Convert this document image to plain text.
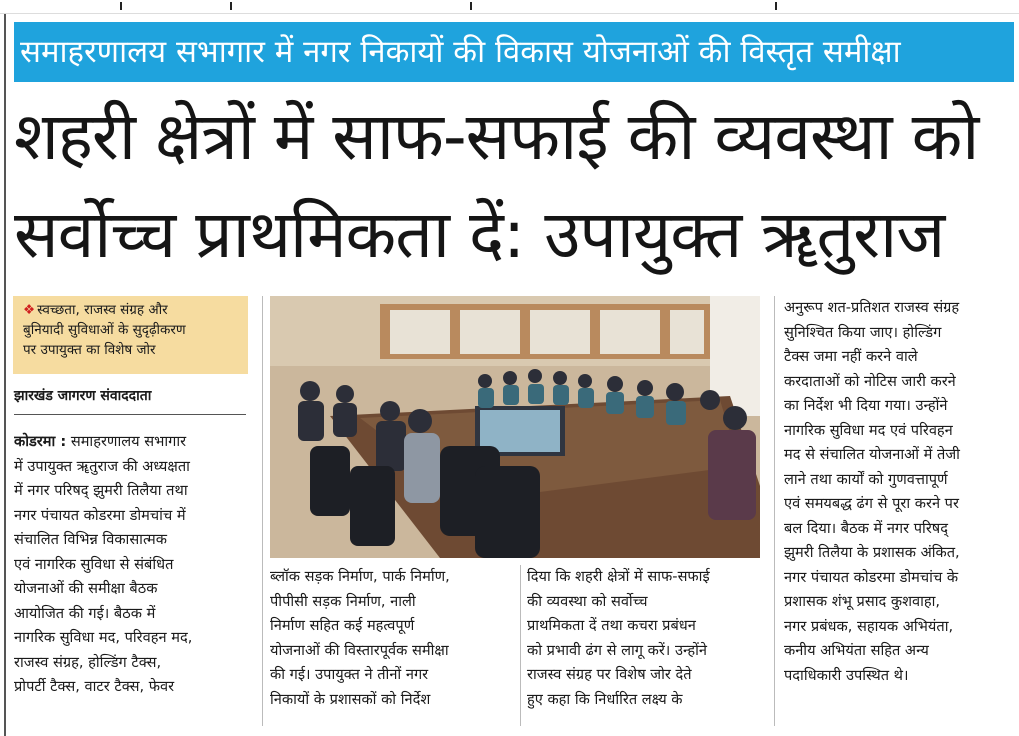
समाहरणालय सभागार में नगर निकायों की विकास योजनाओं की विस्तृत समीक्षा
शहरी क्षेत्रों में साफ-सफाई की व्यवस्था को
सर्वोच्च प्राथमिकता दें: उपायुक्त ॠतुराज
❖ स्वच्छता, राजस्व संग्रह और
बुनियादी सुविधाओं के सुदृढ़ीकरण
पर उपायुक्त का विशेष जोर
झारखंड जागरण संवाददाता

कोडरमा : समाहरणालय सभागार

में उपायुक्त ॠतुराज की अध्यक्षता

में नगर परिषद् झुमरी तिलैया तथा

नगर पंचायत कोडरमा डोमचांच में

संचालित विभिन्न विकासात्मक

एवं नागरिक सुविधा से संबंधित

योजनाओं की समीक्षा बैठक

आयोजित की गई। बैठक में

नागरिक सुविधा मद, परिवहन मद,

राजस्व संग्रह, होल्डिंग टैक्स,

प्रोपर्टी टैक्स, वाटर टैक्स, फेवर

ब्लॉक सड़क निर्माण, पार्क निर्माण,

पीपीसी सड़क निर्माण, नाली

निर्माण सहित कई महत्वपूर्ण

योजनाओं की विस्तारपूर्वक समीक्षा

की गई। उपायुक्त ने तीनों नगर

निकायों के प्रशासकों को निर्देश

दिया कि शहरी क्षेत्रों में साफ-सफाई

की व्यवस्था को सर्वोच्च

प्राथमिकता दें तथा कचरा प्रबंधन

को प्रभावी ढंग से लागू करें। उन्होंने

राजस्व संग्रह पर विशेष जोर देते

हुए कहा कि निर्धारित लक्ष्य के

अनुरूप शत-प्रतिशत राजस्व संग्रह

सुनिश्चित किया जाए। होल्डिंग

टैक्स जमा नहीं करने वाले

करदाताओं को नोटिस जारी करने

का निर्देश भी दिया गया। उन्होंने

नागरिक सुविधा मद एवं परिवहन

मद से संचालित योजनाओं में तेजी

लाने तथा कार्यों को गुणवत्तापूर्ण

एवं समयबद्ध ढंग से पूरा करने पर

बल दिया। बैठक में नगर परिषद्

झुमरी तिलैया के प्रशासक अंकित,

नगर पंचायत कोडरमा डोमचांच के

प्रशासक शंभू प्रसाद कुशवाहा,

नगर प्रबंधक, सहायक अभियंता,

कनीय अभियंता सहित अन्य

पदाधिकारी उपस्थित थे।
